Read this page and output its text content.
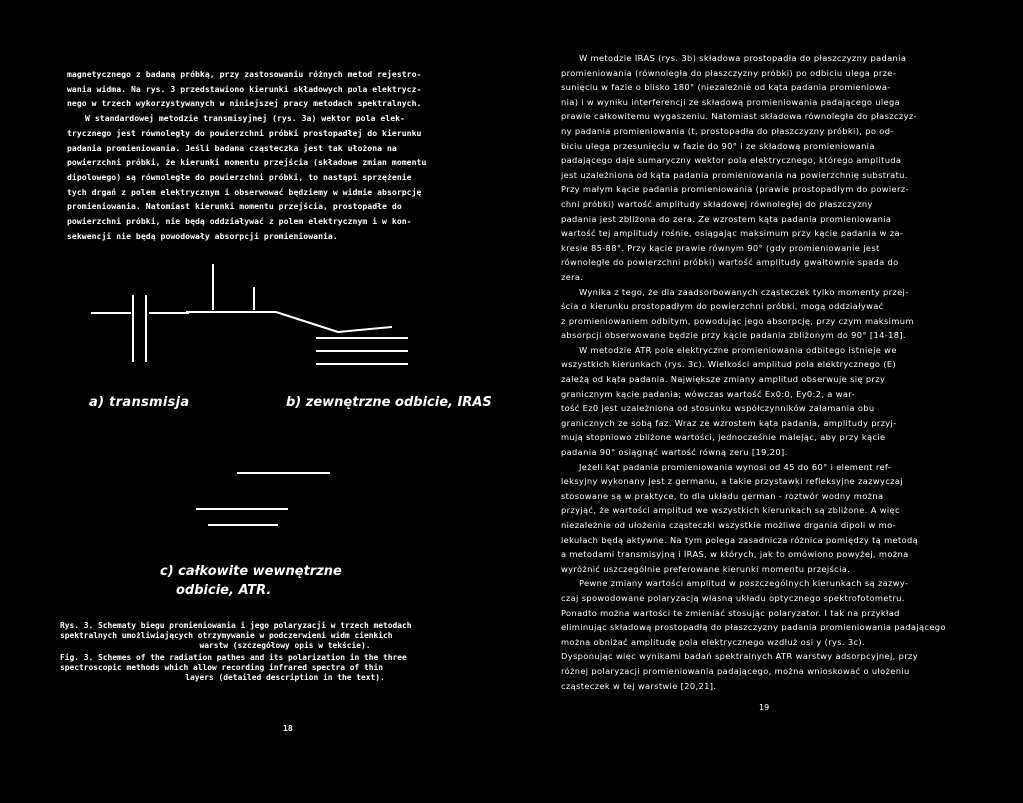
magnetycznego z badaną próbką, przy zastosowaniu różnych metod rejestro-

wania widma. Na rys. 3 przedstawiono kierunki składowych pola elektrycz-

nego w trzech wykorzystywanych w niniejszej pracy metodach spektralnych.

W standardowej metodzie transmisyjnej (rys. 3a) wektor pola elek-

trycznego jest równoległy do powierzchni próbki prostopadłej do kierunku

padania promieniowania. Jeśli badana cząsteczka jest tak ułożona na

powierzchni próbki, że kierunki momentu przejścia (składowe zmian momentu

dipolowego) są równoległe do powierzchni próbki, to nastąpi sprzężenie

tych drgań z polem elektrycznym i obserwować będziemy w widmie absorpcję

promieniowania. Natomiast kierunki momentu przejścia, prostopadłe do

powierzchni próbki, nie będą oddziaływać z polem elektrycznym i w kon-

sekwencji nie będą powodowały absorpcji promieniowania.

a) transmisja	b) zewnętrzne odbicie, IRAS
c) całkowite wewnętrzne
odbicie, ATR.

Rys. 3. Schematy biegu promieniowania i jego polaryzacji w trzech metodach

spektralnych umożliwiających otrzymywanie w podczerwieni widm cienkich

warstw (szczegółowy opis w tekście).

Fig. 3. Schemes of the radiation pathes and its polarization in the three

spectroscopic methods which allow recording infrared spectra of thin

layers (detailed description in the text).

18

W metodzie IRAS (rys. 3b) składowa prostopadła do płaszczyzny padania

promieniowania (równoległa do płaszczyzny próbki) po odbiciu ulega prze-

sunięciu w fazie o blisko 180° (niezależnie od kąta padania promieniowa-

nia) i w wyniku interferencji ze składową promieniowania padającego ulega

prawie całkowitemu wygaszeniu. Natomiast składowa równoległa do płaszczyz-

ny padania promieniowania (t, prostopadła do płaszczyzny próbki), po od-

biciu ulega przesunięciu w fazie do 90° i ze składową promieniowania

padającego daje sumaryczny wektor pola elektrycznego, którego amplituda

jest uzależniona od kąta padania promieniowania na powierzchnię substratu.

Przy małym kącie padania promieniowania (prawie prostopadłym do powierz-

chni próbki) wartość amplitudy składowej równoległej do płaszczyzny

padania jest zbliżona do zera. Ze wzrostem kąta padania promieniowania

wartość tej amplitudy rośnie, osiągając maksimum przy kącie padania w za-

kresie 85-88°. Przy kącie prawie równym 90° (gdy promieniowanie jest

równoległe do powierzchni próbki) wartość amplitudy gwałtownie spada do

zera.

Wynika z tego, że dla zaadsorbowanych cząsteczek tylko momenty przej-

ścia o kierunku prostopadłym do powierzchni próbki, mogą oddziaływać

z promieniowaniem odbitym, powodując jego absorpcję, przy czym maksimum

absorpcji obserwowane będzie przy kącie padania zbliżonym do 90° [14-18].

W metodzie ATR pole elektryczne promieniowania odbitego istnieje we

wszystkich kierunkach (rys. 3c). Wielkości amplitud pola elektrycznego (E)

zależą od kąta padania. Największe zmiany amplitud obserwuje się przy

granicznym kącie padania; wówczas wartość Ex0:0, Ey0:2, a war-

tość Ez0 jest uzależniona od stosunku współczynników załamania obu

granicznych ze sobą faz. Wraz ze wzrostem kąta padania, amplitudy przyj-

mują stopniowo zbliżone wartości, jednocześnie malejąc, aby przy kącie

padania 90° osiągnąć wartość równą zeru [19,20].

Jeżeli kąt padania promieniowania wynosi od 45 do 60° i element ref-

leksyjny wykonany jest z germanu, a takie przystawki refleksyjne zazwyczaj

stosowane są w praktyce, to dla układu german - roztwór wodny można

przyjąć, że wartości amplitud we wszystkich kierunkach są zbliżone. A więc

niezależnie od ułożenia cząsteczki wszystkie możliwe drgania dipoli w mo-

lekułach będą aktywne. Na tym polega zasadnicza różnica pomiędzy tą metodą

a metodami transmisyjną i IRAS, w których, jak to omówiono powyżej, można

wyróżnić uszczególnie preferowane kierunki momentu przejścia.

Pewne zmiany wartości amplitud w poszczególnych kierunkach są zazwy-

czaj spowodowane polaryzacją własną układu optycznego spektrofotometru.

Ponadto można wartości te zmieniać stosując polaryzator. I tak na przykład

eliminując składową prostopadłą do płaszczyzny padania promieniowania padającego

można obniżać amplitudę pola elektrycznego wzdłuż osi y (rys. 3c).

Dysponując więc wynikami badań spektralnych ATR warstwy adsorpcyjnej, przy

różnej polaryzacji promieniowania padającego, można wnioskować o ułożeniu

cząsteczek w tej warstwie [20,21].

19
